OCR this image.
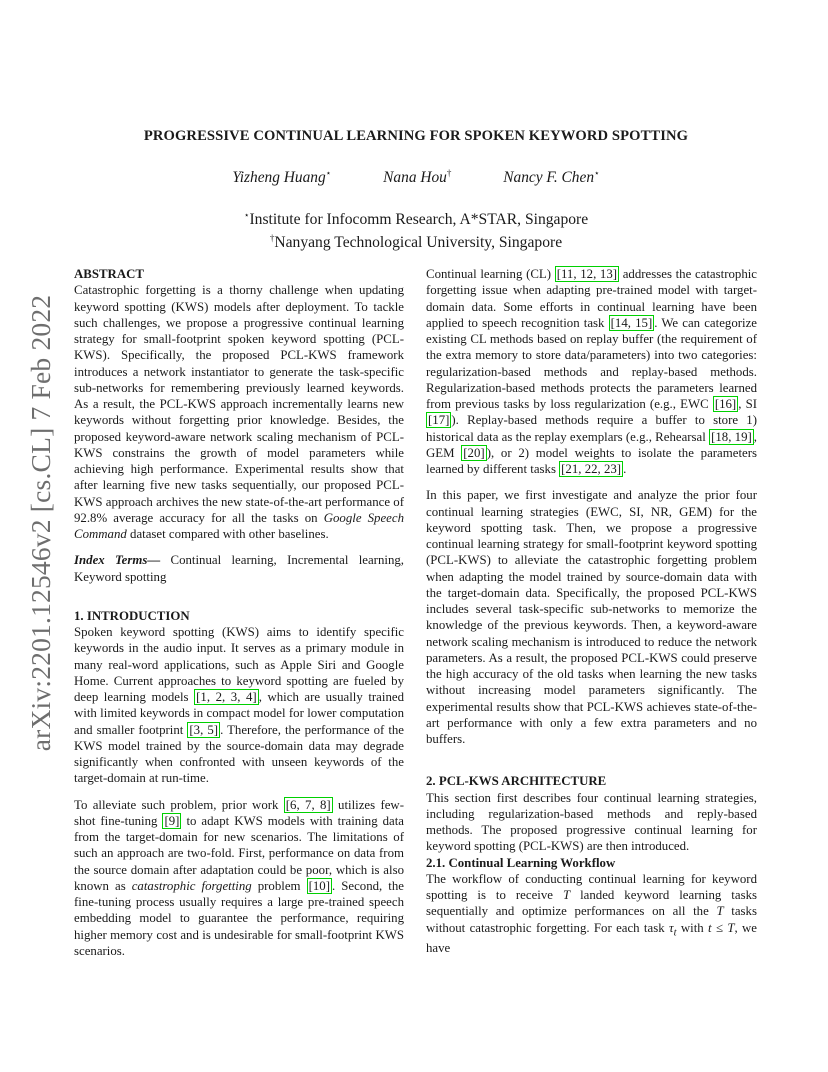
arXiv:2201.12546v2 [cs.CL] 7 Feb 2022
PROGRESSIVE CONTINUAL LEARNING FOR SPOKEN KEYWORD SPOTTING
Yizheng Huang⋆	Nana Hou†	Nancy F. Chen⋆
⋆Institute for Infocomm Research, A*STAR, Singapore
†Nanyang Technological University, Singapore

ABSTRACT

Catastrophic forgetting is a thorny challenge when updating keyword spotting (KWS) models after deployment. To tackle such challenges, we propose a progressive continual learning strategy for small-footprint spoken keyword spotting (PCL-KWS). Specifically, the proposed PCL-KWS framework introduces a network instantiator to generate the task-specific sub-networks for remembering previously learned keywords. As a result, the PCL-KWS approach incrementally learns new keywords without forgetting prior knowledge. Besides, the proposed keyword-aware network scaling mechanism of PCL-KWS constrains the growth of model parameters while achieving high performance. Experimental results show that after learning five new tasks sequentially, our proposed PCL-KWS approach archives the new state-of-the-art performance of 92.8% average accuracy for all the tasks on Google Speech Command dataset compared with other baselines.

Index Terms— Continual learning, Incremental learning, Keyword spotting

1. INTRODUCTION

Spoken keyword spotting (KWS) aims to identify specific keywords in the audio input. It serves as a primary module in many real-word applications, such as Apple Siri and Google Home. Current approaches to keyword spotting are fueled by deep learning models [1, 2, 3, 4] , which are usually trained with limited keywords in compact model for lower computation and smaller footprint [3, 5] . Therefore, the performance of the KWS model trained by the source-domain data may degrade significantly when confronted with unseen keywords of the target-domain at run-time.

To alleviate such problem, prior work [6, 7, 8] utilizes few-shot fine-tuning [9] to adapt KWS models with training data from the target-domain for new scenarios. The limitations of such an approach are two-fold. First, performance on data from the source domain after adaptation could be poor, which is also known as catastrophic forgetting problem [10] . Second, the fine-tuning process usually requires a large pre-trained speech embedding model to guarantee the performance, requiring higher memory cost and is undesirable for small-footprint KWS scenarios.

Continual learning (CL) [11, 12, 13] addresses the catastrophic forgetting issue when adapting pre-trained model with target-domain data. Some efforts in continual learning have been applied to speech recognition task [14, 15] . We can categorize existing CL methods based on replay buffer (the requirement of the extra memory to store data/parameters) into two categories: regularization-based methods and replay-based methods. Regularization-based methods protects the parameters learned from previous tasks by loss regularization (e.g., EWC [16] , SI [17] ). Replay-based methods require a buffer to store 1) historical data as the replay exemplars (e.g., Rehearsal [18, 19] , GEM [20] ), or 2) model weights to isolate the parameters learned by different tasks [21, 22, 23] .

In this paper, we first investigate and analyze the prior four continual learning strategies (EWC, SI, NR, GEM) for the keyword spotting task. Then, we propose a progressive continual learning strategy for small-footprint keyword spotting (PCL-KWS) to alleviate the catastrophic forgetting problem when adapting the model trained by source-domain data with the target-domain data. Specifically, the proposed PCL-KWS includes several task-specific sub-networks to memorize the knowledge of the previous keywords. Then, a keyword-aware network scaling mechanism is introduced to reduce the network parameters. As a result, the proposed PCL-KWS could preserve the high accuracy of the old tasks when learning the new tasks without increasing model parameters significantly. The experimental results show that PCL-KWS achieves state-of-the-art performance with only a few extra parameters and no buffers.

2. PCL-KWS ARCHITECTURE

This section first describes four continual learning strategies, including regularization-based methods and reply-based methods. The proposed progressive continual learning for keyword spotting (PCL-KWS) are then introduced.

2.1. Continual Learning Workflow

The workflow of conducting continual learning for keyword spotting is to receive T landed keyword learning tasks sequentially and optimize performances on all the T tasks without catastrophic forgetting. For each task $\tau_t$ with t ≤ T, we have
